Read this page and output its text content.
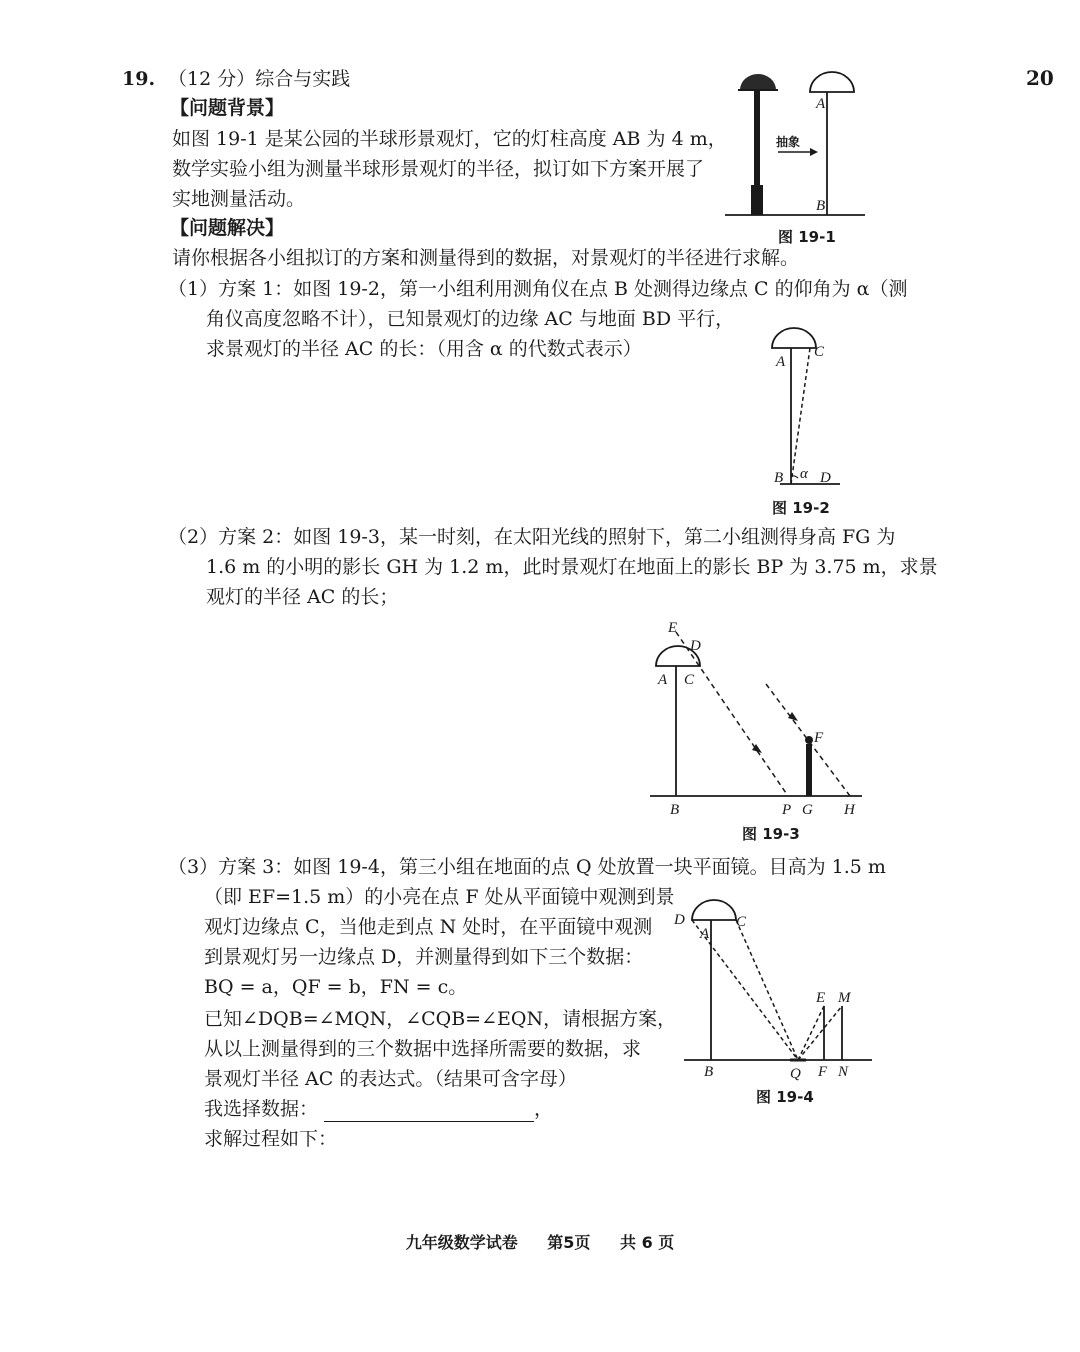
20
19. （12 分）综合与实践
【问题背景】
如图 19-1 是某公园的半球形景观灯，它的灯柱高度 AB 为 4 m，
数学实验小组为测量半球形景观灯的半径，拟订如下方案开展了
实地测量活动。
【问题解决】
请你根据各小组拟订的方案和测量得到的数据，对景观灯的半径进行求解。
（1）方案 1：如图 19-2，第一小组利用测角仪在点 B 处测得边缘点 C 的仰角为 α（测
角仪高度忽略不计），已知景观灯的边缘 AC 与地面 BD 平行，
求景观灯的半径 AC 的长：（用含 α 的代数式表示）
（2）方案 2：如图 19-3，某一时刻，在太阳光线的照射下，第二小组测得身高 FG 为
1.6 m 的小明的影长 GH 为 1.2 m，此时景观灯在地面上的影长 BP 为 3.75 m，求景
观灯的半径 AC 的长；
（3）方案 3：如图 19-4，第三小组在地面的点 Q 处放置一块平面镜。目高为 1.5 m
（即 EF=1.5 m）的小亮在点 F 处从平面镜中观测到景
观灯边缘点 C，当他走到点 N 处时，在平面镜中观测
到景观灯另一边缘点 D，并测量得到如下三个数据：
BQ = a，QF = b，FN = c。
已知∠DQB=∠MQN，∠CQB=∠EQN，请根据方案，
从以上测量得到的三个数据中选择所需要的数据，求
景观灯半径 AC 的表达式。（结果可含字母）
我选择数据：	，
求解过程如下：
抽象
A
B
图 19-1
A
C
B α D
图 19-2
E
D
A C
F
B	P G H
图 19-3
D
A
C
E M
B	Q F N
图 19-4
九年级数学试卷 第5页 共 6 页
